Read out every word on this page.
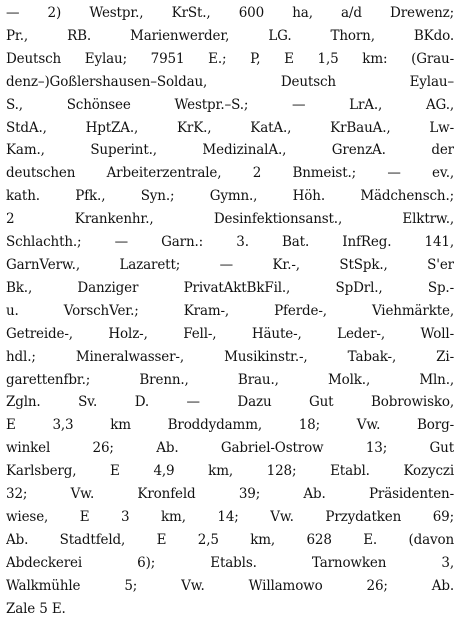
— 2) Westpr., KrSt., 600 ha, a/d Drewenz;
Pr., RB. Marienwerder, LG. Thorn, BKdo.
Deutsch Eylau; 7951 E.; P, E 1,5 km: (Grau-
denz–)Goßlershausen–Soldau, Deutsch Eylau–
S., Schönsee Westpr.–S.; — LrA., AG.,
StdA., HptZA., KrK., KatA., KrBauA., Lw-
Kam., Superint., MedizinalA., GrenzA. der
deutschen Arbeiterzentrale, 2 Bnmeist.; — ev.,
kath. Pfk., Syn.; Gymn., Höh. Mädchensch.;
2 Krankenhr., Desinfektionsanst., Elktrw.,
Schlachth.; — Garn.: 3. Bat. InfReg. 141,
GarnVerw., Lazarett; — Kr.-, StSpk., S'er
Bk., Danziger PrivatAktBkFil., SpDrl., Sp.-
u. VorschVer.; Kram-, Pferde-, Viehmärkte,
Getreide-, Holz-, Fell-, Häute-, Leder-, Woll-
hdl.; Mineralwasser-, Musikinstr.-, Tabak-, Zi-
garettenfbr.; Brenn., Brau., Molk., Mln.,
Zgln. Sv. D. — Dazu Gut Bobrowisko,
E 3,3 km Broddydamm, 18; Vw. Borg-
winkel 26; Ab. Gabriel-Ostrow 13; Gut
Karlsberg, E 4,9 km, 128; Etabl. Kozyczi
32; Vw. Kronfeld 39; Ab. Präsidenten-
wiese, E 3 km, 14; Vw. Przydatken 69;
Ab. Stadtfeld, E 2,5 km, 628 E. (davon
Abdeckerei 6); Etabls. Tarnowken 3,
Walkmühle 5; Vw. Willamowo 26; Ab.
Zale 5 E.
